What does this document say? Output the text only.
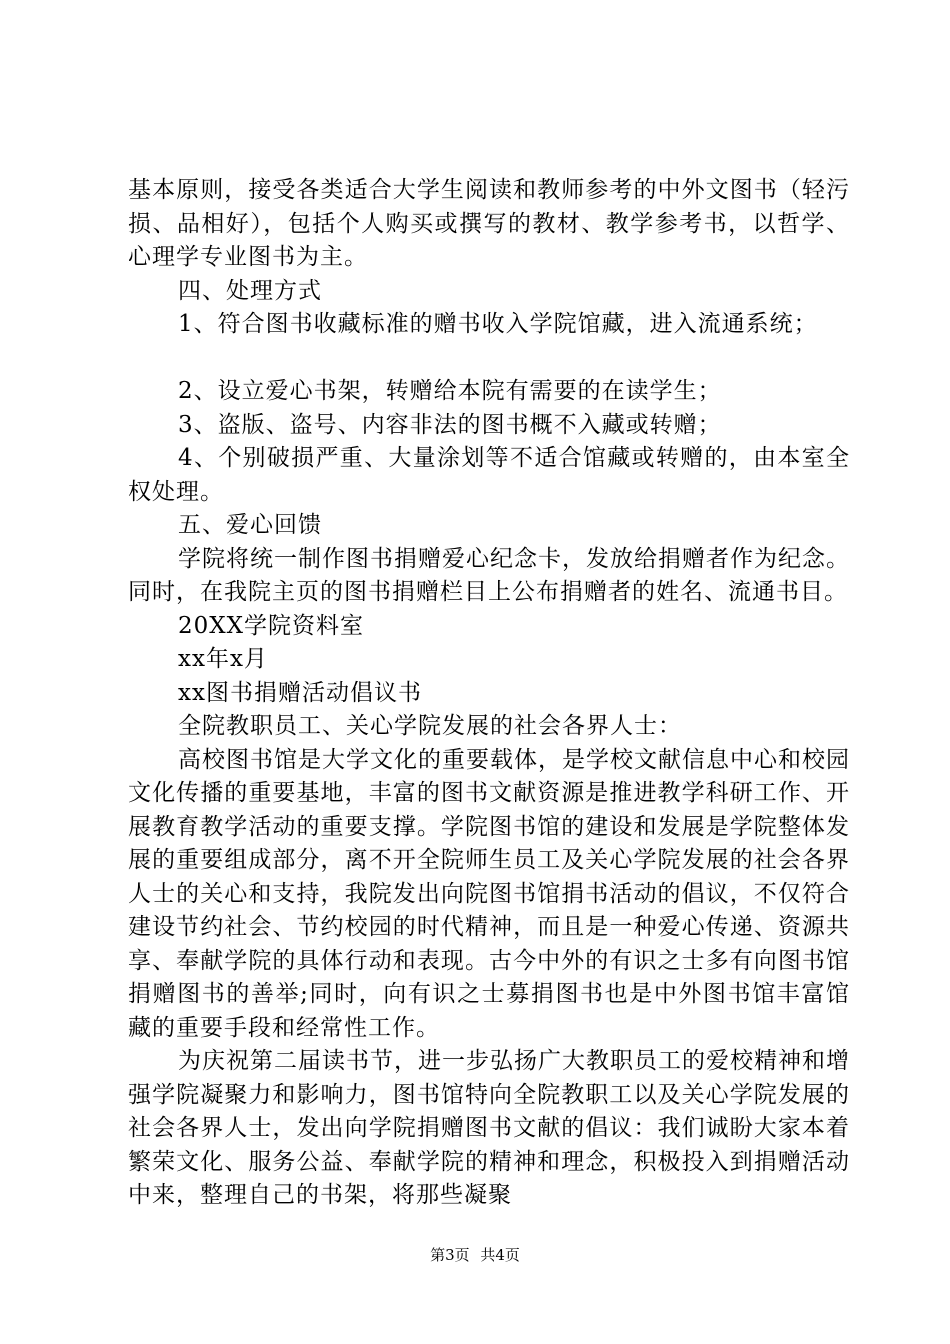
基本原则，接受各类适合大学生阅读和教师参考的中外文图书（轻污损、品相好），包括个人购买或撰写的教材、教学参考书，以哲学、心理学专业图书为主。

四、处理方式

1、符合图书收藏标准的赠书收入学院馆藏，进入流通系统；

2、设立爱心书架，转赠给本院有需要的在读学生；

3、盗版、盗号、内容非法的图书概不入藏或转赠；

4、个别破损严重、大量涂划等不适合馆藏或转赠的，由本室全权处理。

五、爱心回馈

学院将统一制作图书捐赠爱心纪念卡，发放给捐赠者作为纪念。同时，在我院主页的图书捐赠栏目上公布捐赠者的姓名、流通书目。

20XX学院资料室

xx年x月

xx图书捐赠活动倡议书

全院教职员工、关心学院发展的社会各界人士：

高校图书馆是大学文化的重要载体，是学校文献信息中心和校园文化传播的重要基地，丰富的图书文献资源是推进教学科研工作、开展教育教学活动的重要支撑。学院图书馆的建设和发展是学院整体发展的重要组成部分，离不开全院师生员工及关心学院发展的社会各界人士的关心和支持，我院发出向院图书馆捐书活动的倡议，不仅符合建设节约社会、节约校园的时代精神，而且是一种爱心传递、资源共享、奉献学院的具体行动和表现。古今中外的有识之士多有向图书馆捐赠图书的善举;同时，向有识之士募捐图书也是中外图书馆丰富馆藏的重要手段和经常性工作。

为庆祝第二届读书节，进一步弘扬广大教职员工的爱校精神和增强学院凝聚力和影响力，图书馆特向全院教职工以及关心学院发展的社会各界人士，发出向学院捐赠图书文献的倡议：我们诚盼大家本着繁荣文化、服务公益、奉献学院的精神和理念，积极投入到捐赠活动中来，整理自己的书架，将那些凝聚

第3页 共4页
